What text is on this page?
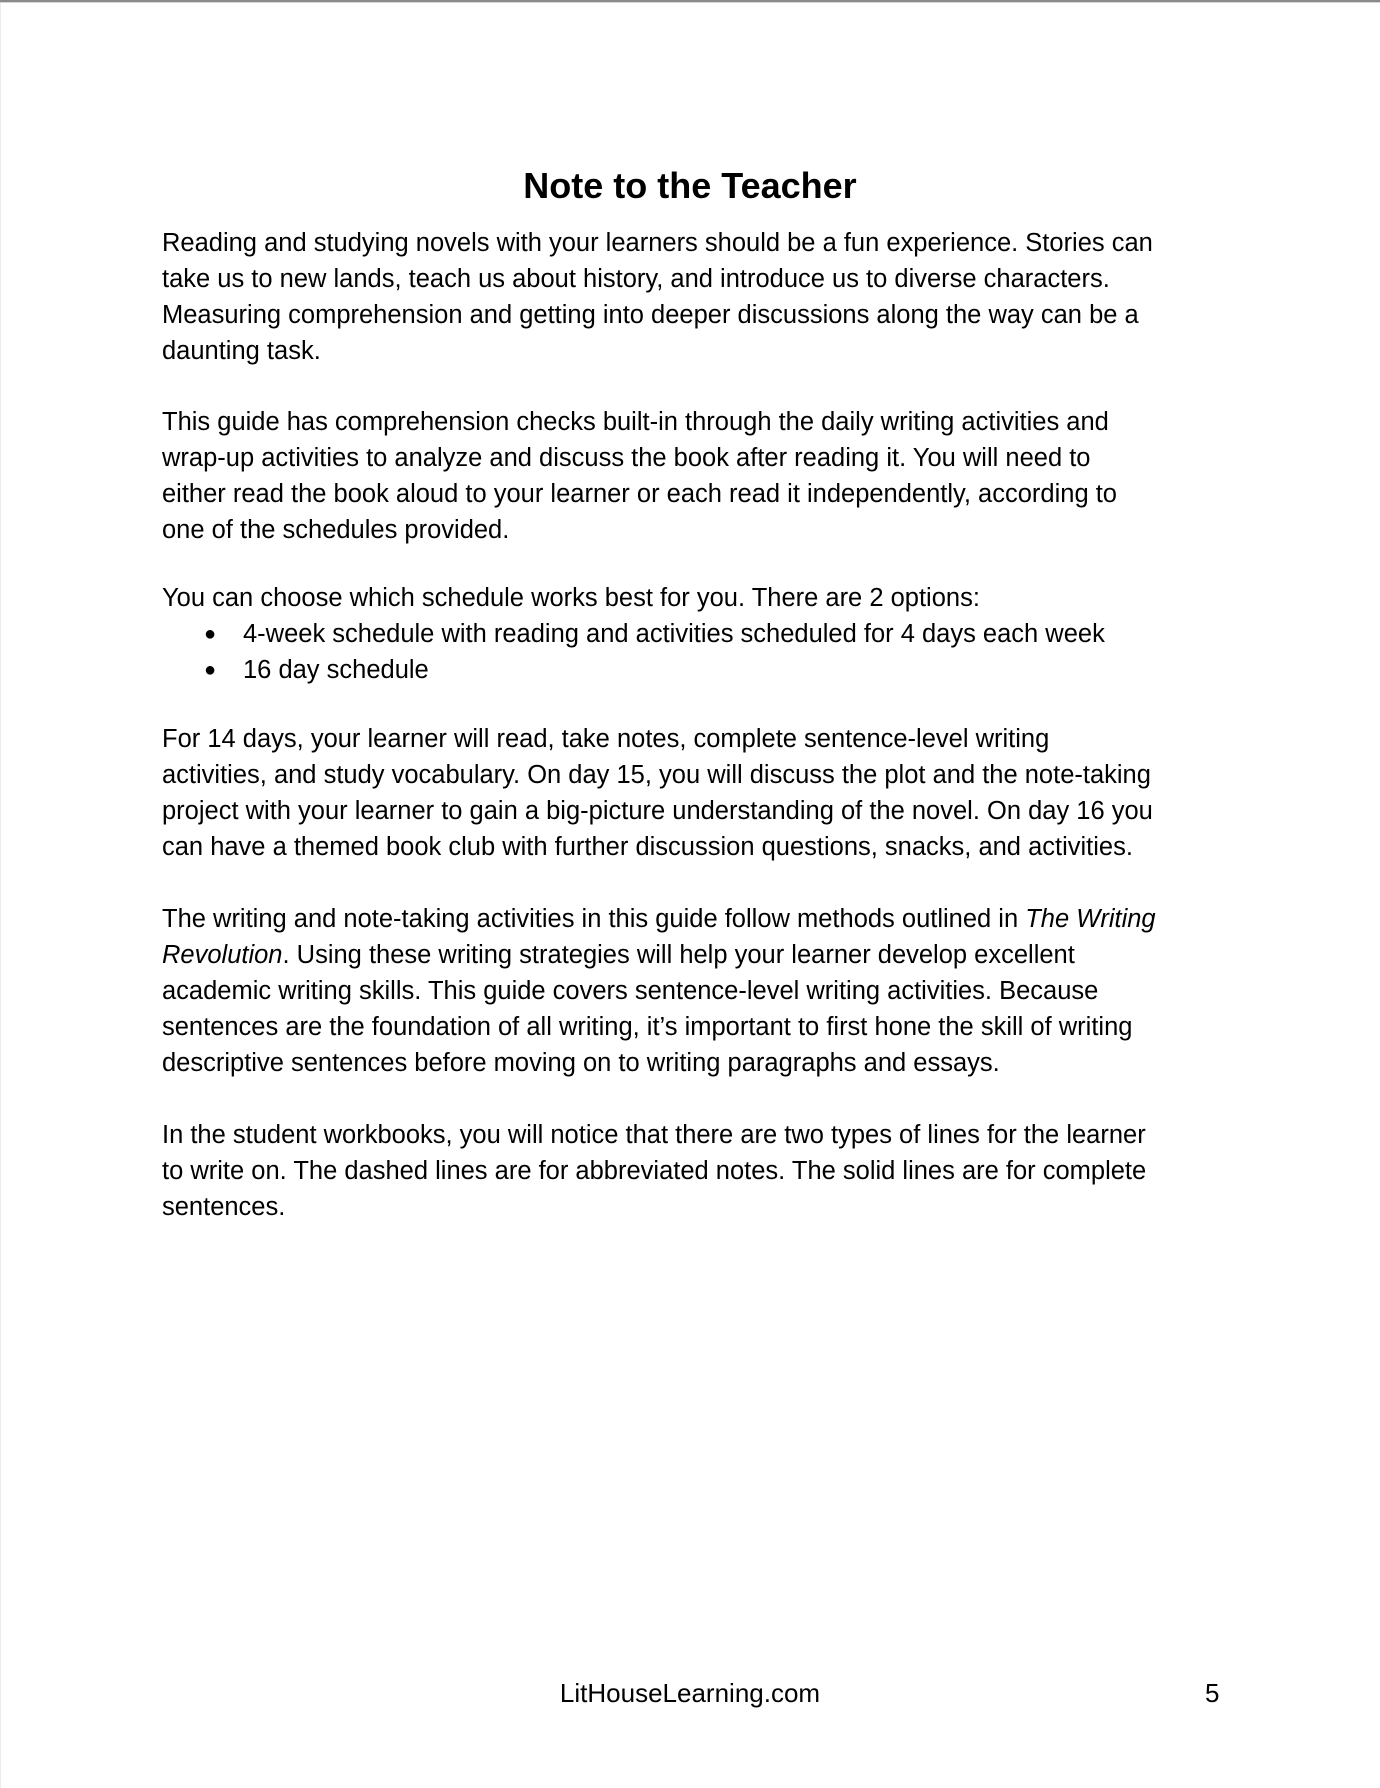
Note to the Teacher
Reading and studying novels with your learners should be a fun experience. Stories can
take us to new lands, teach us about history, and introduce us to diverse characters.
Measuring comprehension and getting into deeper discussions along the way can be a
daunting task.
This guide has comprehension checks built-in through the daily writing activities and
wrap-up activities to analyze and discuss the book after reading it. You will need to
either read the book aloud to your learner or each read it independently, according to
one of the schedules provided.
You can choose which schedule works best for you. There are 2 options:
● 4-week schedule with reading and activities scheduled for 4 days each week
● 16 day schedule
For 14 days, your learner will read, take notes, complete sentence-level writing
activities, and study vocabulary. On day 15, you will discuss the plot and the note-taking
project with your learner to gain a big-picture understanding of the novel. On day 16 you
can have a themed book club with further discussion questions, snacks, and activities.
The writing and note-taking activities in this guide follow methods outlined in The Writing
Revolution. Using these writing strategies will help your learner develop excellent
academic writing skills. This guide covers sentence-level writing activities. Because
sentences are the foundation of all writing, it’s important to first hone the skill of writing
descriptive sentences before moving on to writing paragraphs and essays.
In the student workbooks, you will notice that there are two types of lines for the learner
to write on. The dashed lines are for abbreviated notes. The solid lines are for complete
sentences.
LitHouseLearning.com	5
